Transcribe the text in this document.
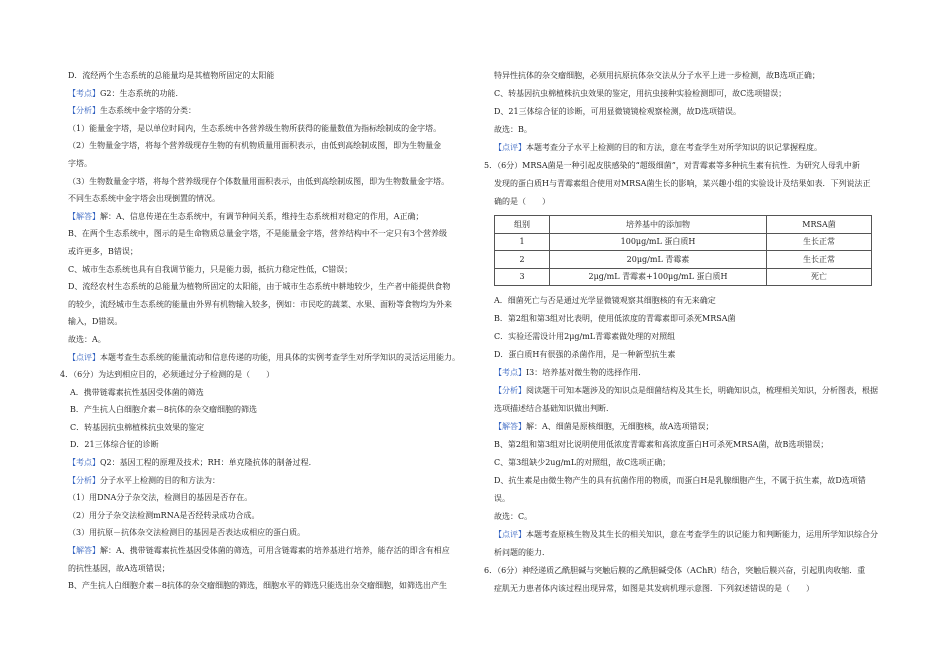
D．流经两个生态系统的总能量均是其植物所固定的太阳能
【考点】G2：生态系统的功能．
【分析】生态系统中金字塔的分类：
（1）能量金字塔，是以单位时间内，生态系统中各营养级生物所获得的能量数值为指标绘制成的金字塔。
（2）生物量金字塔，将每个营养级现存生物的有机物质量用面积表示，由低到高绘制成图，即为生物量金
字塔。
（3）生物数量金字塔，将每个营养级现存个体数量用面积表示，由低到高绘制成图，即为生物数量金字塔。
不同生态系统中金字塔会出现倒置的情况。
【解答】解：A、信息传递在生态系统中，有调节种间关系，维持生态系统相对稳定的作用，A正确；
B、在两个生态系统中，图示的是生命物质总量金字塔，不是能量金字塔，营养结构中不一定只有3个营养级
或许更多，B错误；
C、城市生态系统也具有自我调节能力，只是能力弱，抵抗力稳定性低，C错误；
D、流经农村生态系统的总能量为植物所固定的太阳能，由于城市生态系统中耕地较少，生产者中能提供食物
的较少，流经城市生态系统的能量由外界有机物输入较多，例如：市民吃的蔬菜、水果、面粉等食物均为外来
输入，D错误。
故选：A。
【点评】本题考查生态系统的能量流动和信息传递的功能，用具体的实例考查学生对所学知识的灵活运用能力。
4．（6分）为达到相应目的，必须通过分子检测的是（　　）
A．携带链霉素抗性基因受体菌的筛选
B．产生抗人白细胞介素－8抗体的杂交瘤细胞的筛选
C．转基因抗虫棉植株抗虫效果的鉴定
D．21三体综合征的诊断
【考点】Q2：基因工程的原理及技术；RH：单克隆抗体的制备过程．
【分析】分子水平上检测的目的和方法为：
（1）用DNA分子杂交法，检测目的基因是否存在。
（2）用分子杂交法检测mRNA是否经转录成功合成。
（3）用抗原－抗体杂交法检测目的基因是否表达成相应的蛋白质。
【解答】解：A、携带链霉素抗性基因受体菌的筛选，可用含链霉素的培养基进行培养，能存活的即含有相应
的抗性基因，故A选项错误；
B、产生抗人白细胞介素－8抗体的杂交瘤细胞的筛选，细胞水平的筛选只能选出杂交瘤细胞，如筛选出产生
特异性抗体的杂交瘤细胞，必须用抗原抗体杂交法从分子水平上进一步检测，故B选项正确；
C、转基因抗虫棉植株抗虫效果的鉴定，用抗虫接种实验检测即可，故C选项错误；
D、21三体综合征的诊断，可用显微镜镜检观察检测，故D选项错误。
故选：B。
【点评】本题考查分子水平上检测的目的和方法，意在考查学生对所学知识的识记掌握程度。
5．（6分）MRSA菌是一种引起皮肤感染的“超级细菌”，对青霉素等多种抗生素有抗性．为研究人母乳中新
发现的蛋白质H与青霉素组合使用对MRSA菌生长的影响，某兴趣小组的实验设计及结果如表．下列说法正
确的是（　　）
组别	培养基中的添加物	MRSA菌
1	100μg/mL 蛋白质H	生长正常
2	20μg/mL 青霉素	生长正常
3	2μg/mL 青霉素+100μg/mL 蛋白质H	死亡
A．细菌死亡与否是通过光学显微镜观察其细胞核的有无来确定
B．第2组和第3组对比表明，使用低浓度的青霉素即可杀死MRSA菌
C．实验还需设计用2μg/mL青霉素做处理的对照组
D．蛋白质H有很强的杀菌作用，是一种新型抗生素
【考点】I3：培养基对微生物的选择作用．
【分析】阅读题干可知本题涉及的知识点是细菌结构及其生长，明确知识点，梳理相关知识，分析图表，根据
选项描述结合基础知识做出判断．
【解答】解：A、细菌是原核细胞，无细胞核，故A选项错误；
B、第2组和第3组对比说明使用低浓度青霉素和高浓度蛋白H可杀死MRSA菌，故B选项错误；
C、第3组缺少2ug/mL的对照组，故C选项正确；
D、抗生素是由微生物产生的具有抗菌作用的物质，而蛋白H是乳腺细胞产生，不属于抗生素，故D选项错
误。
故选：C。
【点评】本题考查原核生物及其生长的相关知识，意在考查学生的识记能力和判断能力，运用所学知识综合分
析问题的能力．
6．（6分）神经递质乙酰胆碱与突触后膜的乙酰胆碱受体（AChR）结合，突触后膜兴奋，引起肌肉收缩．重
症肌无力患者体内该过程出现异常，如图是其发病机理示意图．下列叙述错误的是（　　）
